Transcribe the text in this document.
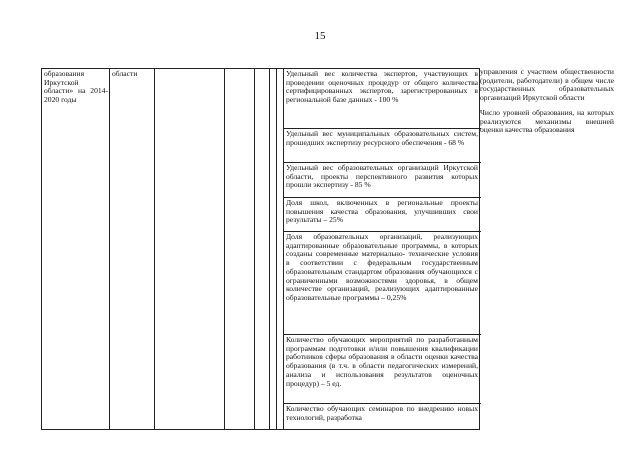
15
образования Иркутской области» на 2014-2020 годы
области	Удельный вес количества экспертов, участвующих в проведении оценочных процедур от общего количества сертифицированных экспертов, зарегистрированных в региональной базе данных - 100 %
Удельный вес муниципальных образовательных систем, прошедших экспертизу ресурсного обеспечения - 68 %
Удельный вес образовательных организаций Иркутской области, проекты перспективного развития которых прошли экспертизу - 85 %
Доля школ, включенных в региональные проекты повышения качества образования, улучшивших свои результаты – 25%
Доля образовательных организаций, реализующих адаптированные образовательные программы, в которых созданы современные материально- технические условия в соответствии с федеральным государственным образовательным стандартом образования обучающихся с ограниченными возможностями здоровья, в общем количестве организаций, реализующих адаптированные образовательные программы – 0,25%
Количество обучающих мероприятий по разработанным программам подготовки и/или повышения квалификации работников сферы образования в области оценки качества образования (в т.ч. в области педагогических измерений, анализа и использования результатов оценочных процедур) – 5 ед.
Количество обучающих семинаров по внедрению новых технологий, разработка

управления с участием общественности (родители, работодатели) в общем числе государственных образовательных организаций Иркутской области

Число уровней образования, на которых реализуются механизмы внешней оценки качества образования
